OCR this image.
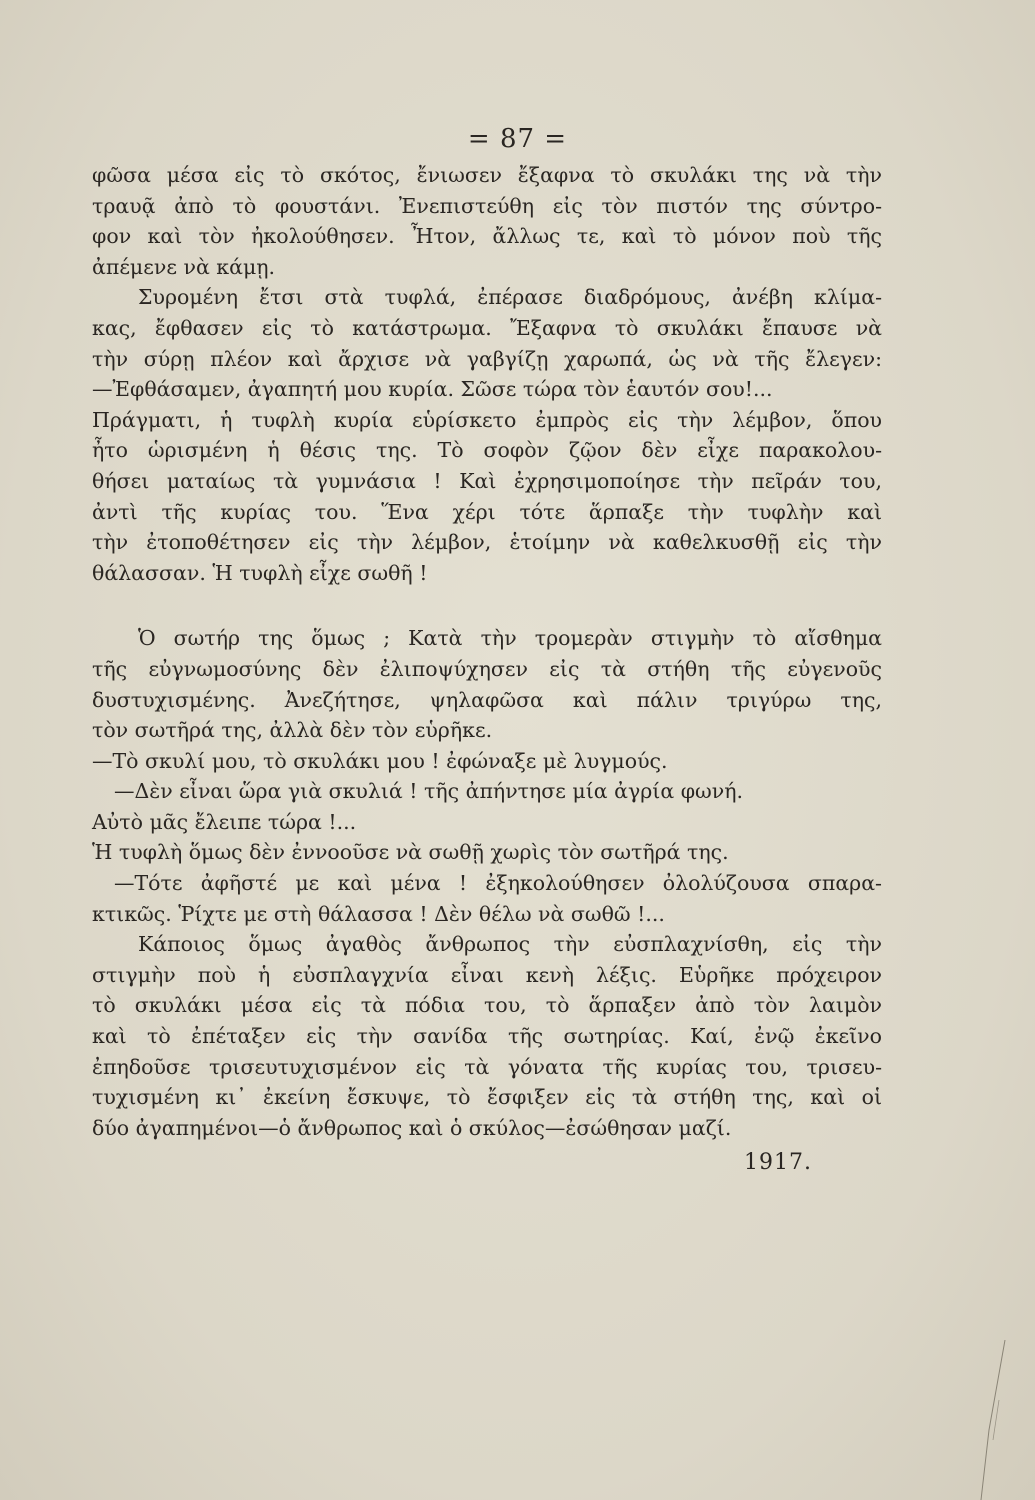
= 87 =
φῶσα μέσα εἰς τὸ σκότος, ἔνιωσεν ἔξαφνα τὸ σκυλάκι της νὰ τὴν
τραυᾷ ἀπὸ τὸ φουστάνι. Ἐνεπιστεύθη εἰς τὸν πιστόν της σύντρο-
φον καὶ τὸν ἠκολούθησεν. Ἦτον, ἄλλως τε, καὶ τὸ μόνον ποὺ τῆς
ἀπέμενε νὰ κάμῃ.
Συρομένη ἔτσι στὰ τυφλά, ἐπέρασε διαδρόμους, ἀνέβη κλίμα-
κας, ἔφθασεν εἰς τὸ κατάστρωμα. Ἔξαφνα τὸ σκυλάκι ἔπαυσε νὰ
τὴν σύρῃ πλέον καὶ ἄρχισε νὰ γαβγίζῃ χαρωπά, ὡς νὰ τῆς ἔλεγεν:
—Ἐφθάσαμεν, ἀγαπητή μου κυρία. Σῶσε τώρα τὸν ἑαυτόν σου!...
Πράγματι, ἡ τυφλὴ κυρία εὑρίσκετο ἐμπρὸς εἰς τὴν λέμβον, ὅπου
ἦτο ὡρισμένη ἡ θέσις της. Τὸ σοφὸν ζῷον δὲν εἶχε παρακολου-
θήσει ματαίως τὰ γυμνάσια ! Καὶ ἐχρησιμοποίησε τὴν πεῖράν του,
ἀντὶ τῆς κυρίας του. Ἕνα χέρι τότε ἅρπαξε τὴν τυφλὴν καὶ
τὴν ἐτοποθέτησεν εἰς τὴν λέμβον, ἑτοίμην νὰ καθελκυσθῇ εἰς τὴν
θάλασσαν. Ἡ τυφλὴ εἶχε σωθῆ !
Ὁ σωτήρ της ὅμως ; Κατὰ τὴν τρομερὰν στιγμὴν τὸ αἴσθημα
τῆς εὐγνωμοσύνης δὲν ἐλιποψύχησεν εἰς τὰ στήθη τῆς εὐγενοῦς
δυστυχισμένης. Ἀνεζήτησε, ψηλαφῶσα καὶ πάλιν τριγύρω της,
τὸν σωτῆρά της, ἀλλὰ δὲν τὸν εὑρῆκε.
—Τὸ σκυλί μου, τὸ σκυλάκι μου ! ἐφώναξε μὲ λυγμούς.
—Δὲν εἶναι ὥρα γιὰ σκυλιά ! τῆς ἀπήντησε μία ἀγρία φωνή.
Αὐτὸ μᾶς ἔλειπε τώρα !...
Ἡ τυφλὴ ὅμως δὲν ἐννοοῦσε νὰ σωθῇ χωρὶς τὸν σωτῆρά της.
—Τότε ἀφῆστέ με καὶ μένα ! ἐξηκολούθησεν ὀλολύζουσα σπαρα-
κτικῶς. Ῥίχτε με στὴ θάλασσα ! Δὲν θέλω νὰ σωθῶ !...
Κάποιος ὅμως ἀγαθὸς ἄνθρωπος τὴν εὐσπλαχνίσθη, εἰς τὴν
στιγμὴν ποὺ ἡ εὐσπλαγχνία εἶναι κενὴ λέξις. Εὑρῆκε πρόχειρον
τὸ σκυλάκι μέσα εἰς τὰ πόδια του, τὸ ἅρπαξεν ἀπὸ τὸν λαιμὸν
καὶ τὸ ἐπέταξεν εἰς τὴν σανίδα τῆς σωτηρίας. Καί, ἐνῷ ἐκεῖνο
ἐπηδοῦσε τρισευτυχισμένον εἰς τὰ γόνατα τῆς κυρίας του, τρισευ-
τυχισμένη κι᾿ ἐκείνη ἔσκυψε, τὸ ἔσφιξεν εἰς τὰ στήθη της, καὶ οἱ
δύο ἀγαπημένοι—ὁ ἄνθρωπος καὶ ὁ σκύλος—ἐσώθησαν μαζί.
1917.
